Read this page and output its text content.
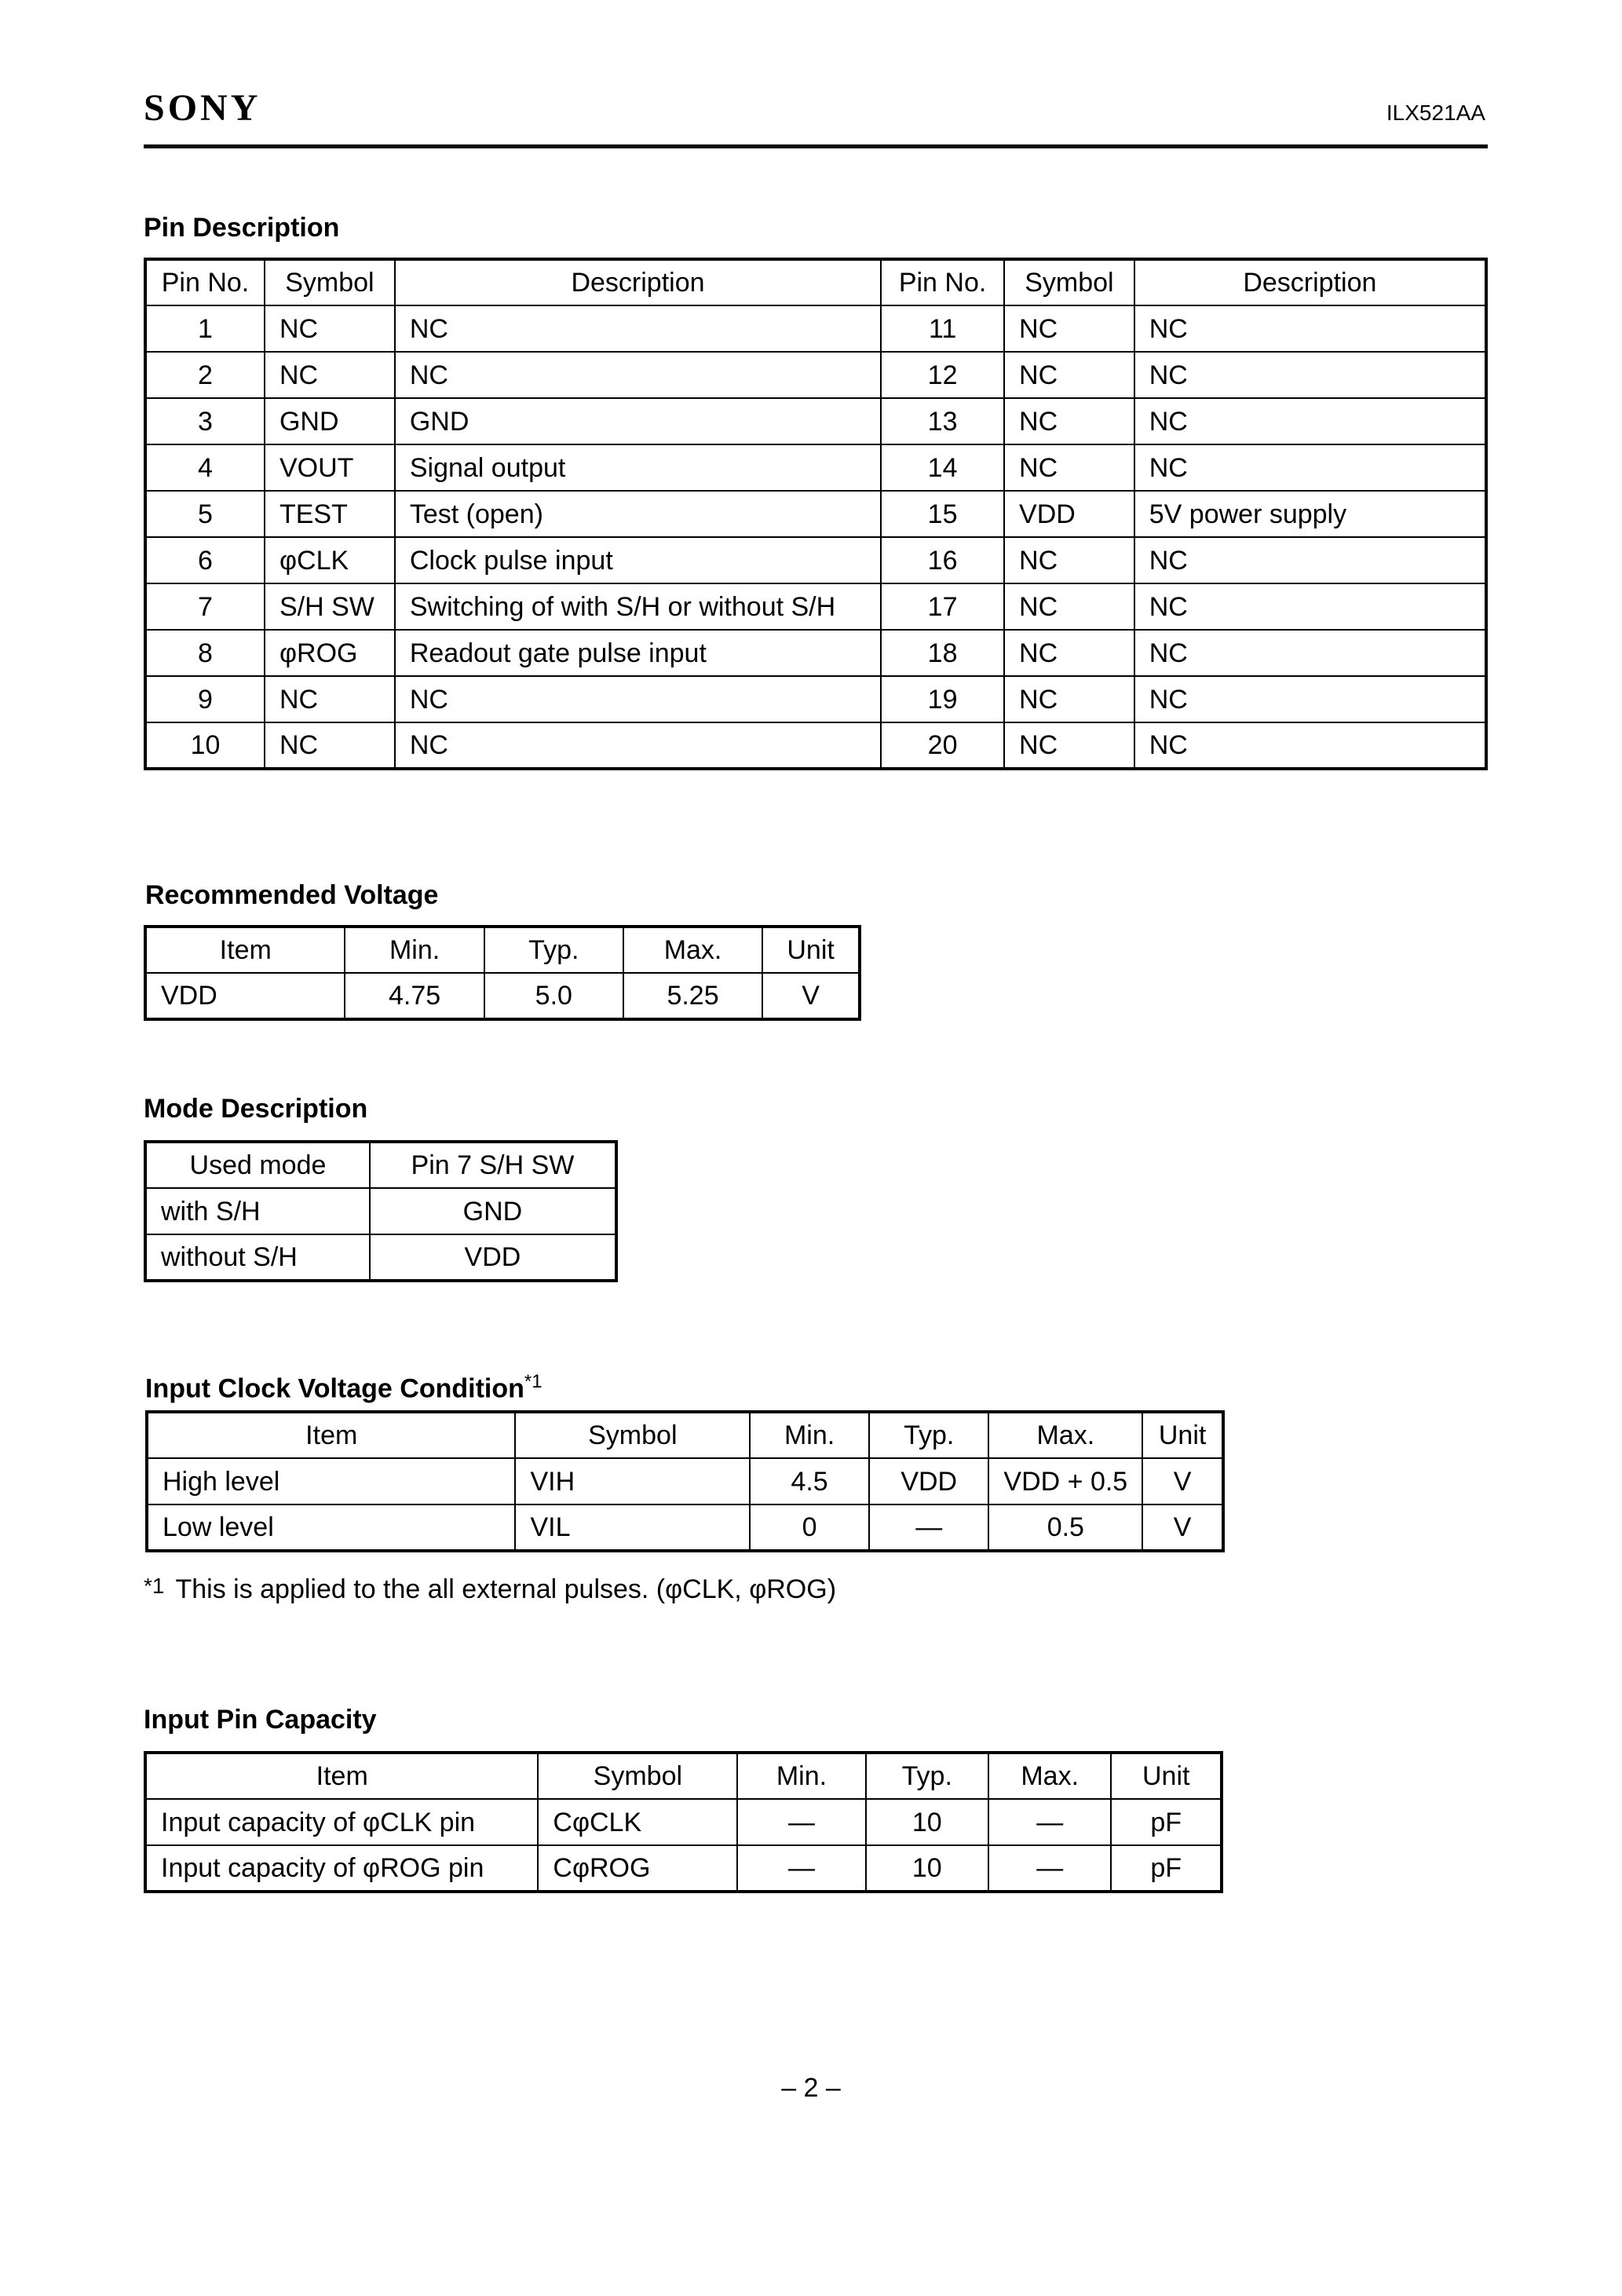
SONY	ILX521AA
Pin Description
Pin No.	Symbol	Description	Pin No.	Symbol	Description
1	NC	NC	11	NC	NC
2	NC	NC	12	NC	NC
3	GND	GND	13	NC	NC
4	VOUT	Signal output	14	NC	NC
5	TEST	Test (open)	15	VDD	5V power supply
6	φCLK	Clock pulse input	16	NC	NC
7	S/H SW	Switching of with S/H or without S/H	17	NC	NC
8	φROG	Readout gate pulse input	18	NC	NC
9	NC	NC	19	NC	NC
10	NC	NC	20	NC	NC
Recommended Voltage
Item	Min.	Typ.	Max.	Unit
VDD	4.75	5.0	5.25	V
Mode Description
Used mode	Pin 7 S/H SW
with S/H	GND
without S/H	VDD
Input Clock Voltage Condition$^{*1}$
Item	Symbol	Min.	Typ.	Max.	Unit
High level	VIH	4.5	VDD	VDD + 0.5	V
Low level	VIL	0	—	0.5	V
*1 This is applied to the all external pulses. (φCLK, φROG)
Input Pin Capacity
Item	Symbol	Min.	Typ.	Max.	Unit
Input capacity of φCLK pin	CφCLK	—	10	—	pF
Input capacity of φROG pin	CφROG	—	10	—	pF
– 2 –
